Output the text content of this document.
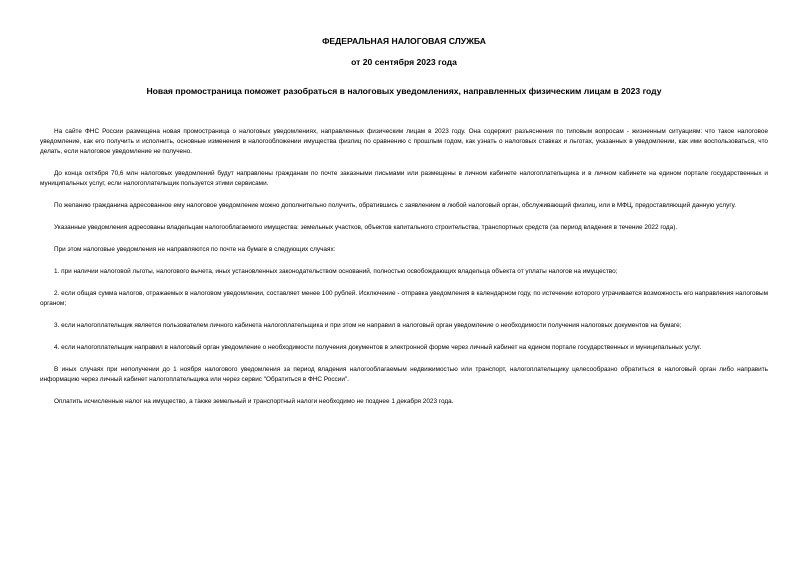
ФЕДЕРАЛЬНАЯ НАЛОГОВАЯ СЛУЖБА
от 20 сентября 2023 года
Новая промостраница поможет разобраться в налоговых уведомлениях, направленных физическим лицам в 2023 году

На сайте ФНС России размещена новая промостраница о налоговых уведомлениях, направленных физическим лицам в 2023 году. Она содержит разъяснения по типовым вопросам - жизненным ситуациям: что такое налоговое уведомление, как его получить и исполнить, основные изменения в налогообложении имущества физлиц по сравнению с прошлым годом, как узнать о налоговых ставках и льготах, указанных в уведомлении, как ими воспользоваться, что делать, если налоговое уведомление не получено.

До конца октября 70,6 млн налоговых уведомлений будут направлены гражданам по почте заказными письмами или размещены в личном кабинете налогоплательщика и в личном кабинете на едином портале государственных и муниципальных услуг, если налогоплательщик пользуется этими сервисами.

По желанию гражданина адресованное ему налоговое уведомление можно дополнительно получить, обратившись с заявлением в любой налоговый орган, обслуживающий физлиц, или в МФЦ, предоставляющий данную услугу.

Указанные уведомления адресованы владельцам налогооблагаемого имущества: земельных участков, объектов капитального строительства, транспортных средств (за период владения в течение 2022 года).

При этом налоговые уведомления не направляются по почте на бумаге в следующих случаях:

1. при наличии налоговой льготы, налогового вычета, иных установленных законодательством оснований, полностью освобождающих владельца объекта от уплаты налогов на имущество;

2. если общая сумма налогов, отражаемых в налоговом уведомлении, составляет менее 100 рублей. Исключение - отправка уведомления в календарном году, по истечении которого утрачивается возможность его направления налоговым органом;

3. если налогоплательщик является пользователем личного кабинета налогоплательщика и при этом не направил в налоговый орган уведомление о необходимости получения налоговых документов на бумаге;

4. если налогоплательщик направил в налоговый орган уведомление о необходимости получения документов в электронной форме через личный кабинет на едином портале государственных и муниципальных услуг.

В иных случаях при неполучении до 1 ноября налогового уведомления за период владения налогооблагаемым недвижимостью или транспорт, налогоплательщику целесообразно обратиться в налоговый орган либо направить информацию через личный кабинет налогоплательщика или через сервис "Обратиться в ФНС России".

Оплатить исчисленные налог на имущество, а также земельный и транспортный налоги необходимо не позднее 1 декабря 2023 года.
